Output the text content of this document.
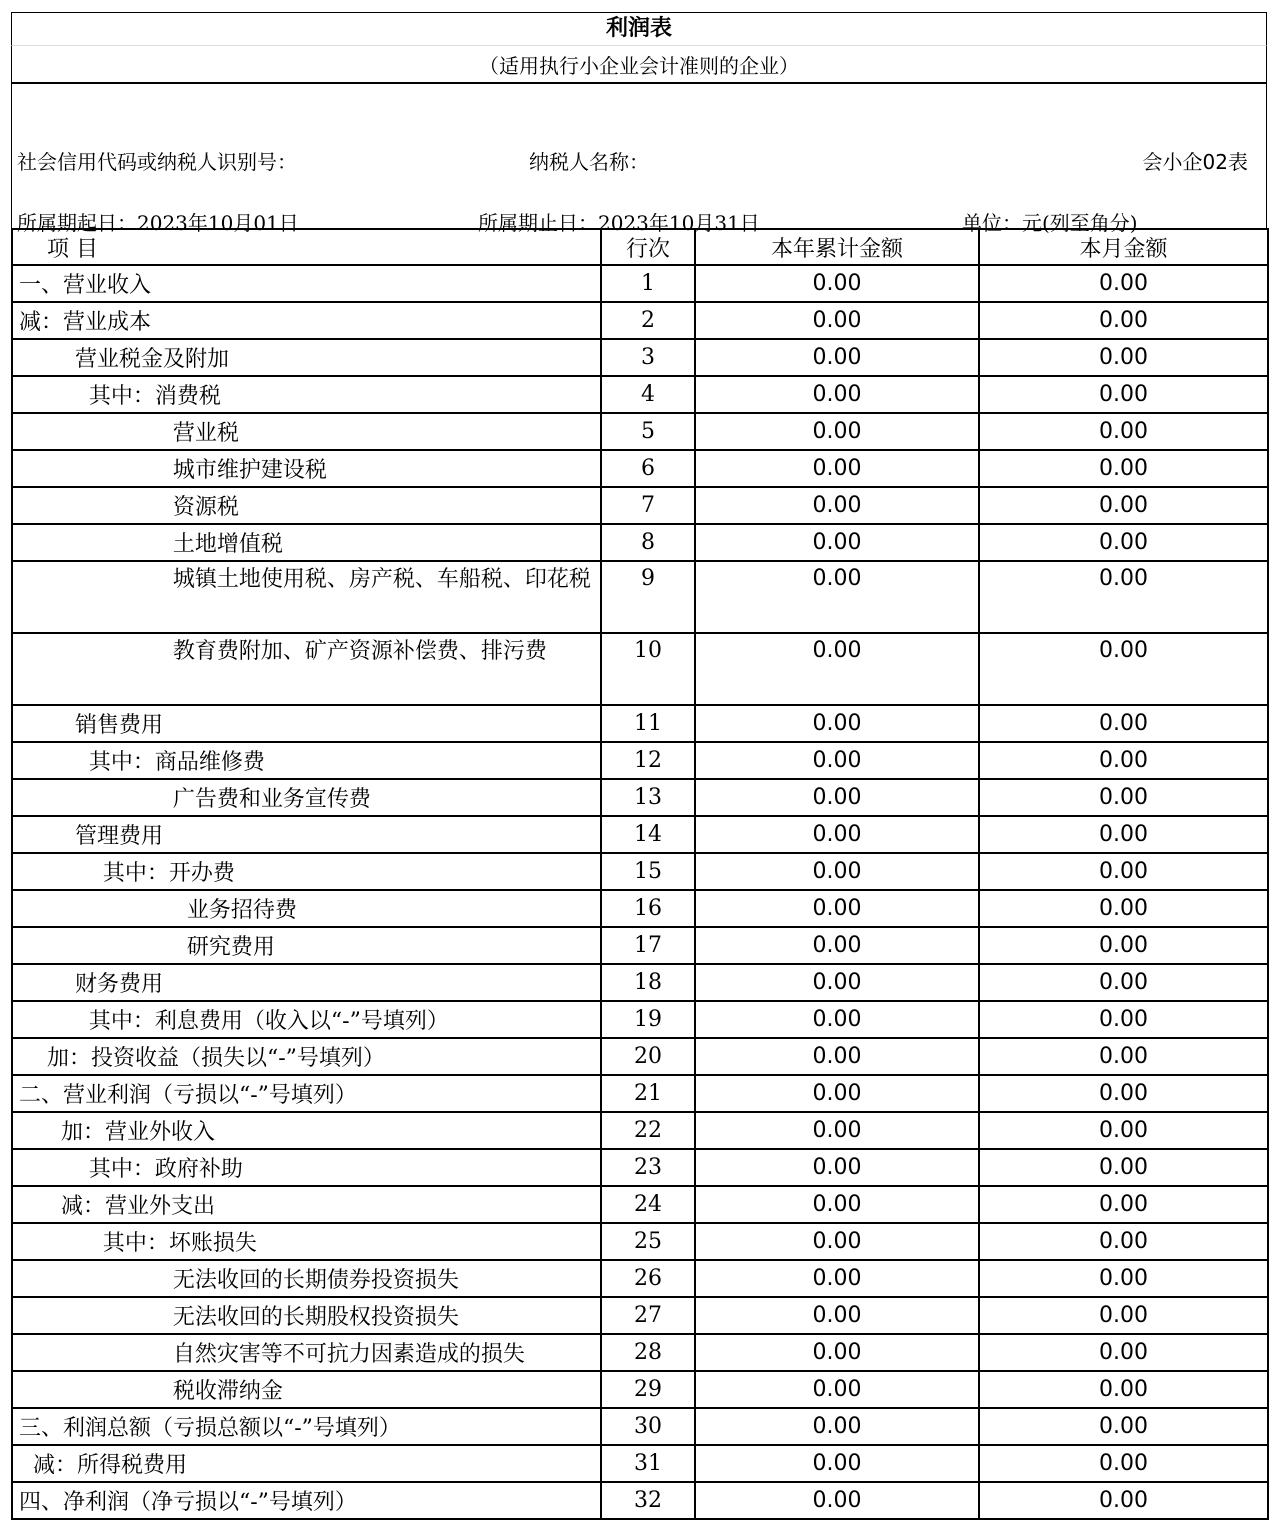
利润表
（适用执行小企业会计准则的企业）
社会信用代码或纳税人识别号：	纳税人名称：	会小企02表
所属期起日：2023年10月01日	所属期止日：2023年10月31日	单位：元(列至角分)
项 目	行次	本年累计金额	本月金额
一、营业收入	1	0.00	0.00
减：营业成本	2	0.00	0.00
营业税金及附加	3	0.00	0.00
其中：消费税	4	0.00	0.00
营业税	5	0.00	0.00
城市维护建设税	6	0.00	0.00
资源税	7	0.00	0.00
土地增值税	8	0.00	0.00
城镇土地使用税、房产税、车船税、印花税	9	0.00	0.00
教育费附加、矿产资源补偿费、排污费	10	0.00	0.00
销售费用	11	0.00	0.00
其中：商品维修费	12	0.00	0.00
广告费和业务宣传费	13	0.00	0.00
管理费用	14	0.00	0.00
其中：开办费	15	0.00	0.00
业务招待费	16	0.00	0.00
研究费用	17	0.00	0.00
财务费用	18	0.00	0.00
其中：利息费用（收入以“-”号填列）	19	0.00	0.00
加：投资收益（损失以“-”号填列）	20	0.00	0.00
二、营业利润（亏损以“-”号填列）	21	0.00	0.00
加：营业外收入	22	0.00	0.00
其中：政府补助	23	0.00	0.00
减：营业外支出	24	0.00	0.00
其中：坏账损失	25	0.00	0.00
无法收回的长期债券投资损失	26	0.00	0.00
无法收回的长期股权投资损失	27	0.00	0.00
自然灾害等不可抗力因素造成的损失	28	0.00	0.00
税收滞纳金	29	0.00	0.00
三、利润总额（亏损总额以“-”号填列）	30	0.00	0.00
减：所得税费用	31	0.00	0.00
四、净利润（净亏损以“-”号填列）	32	0.00	0.00
